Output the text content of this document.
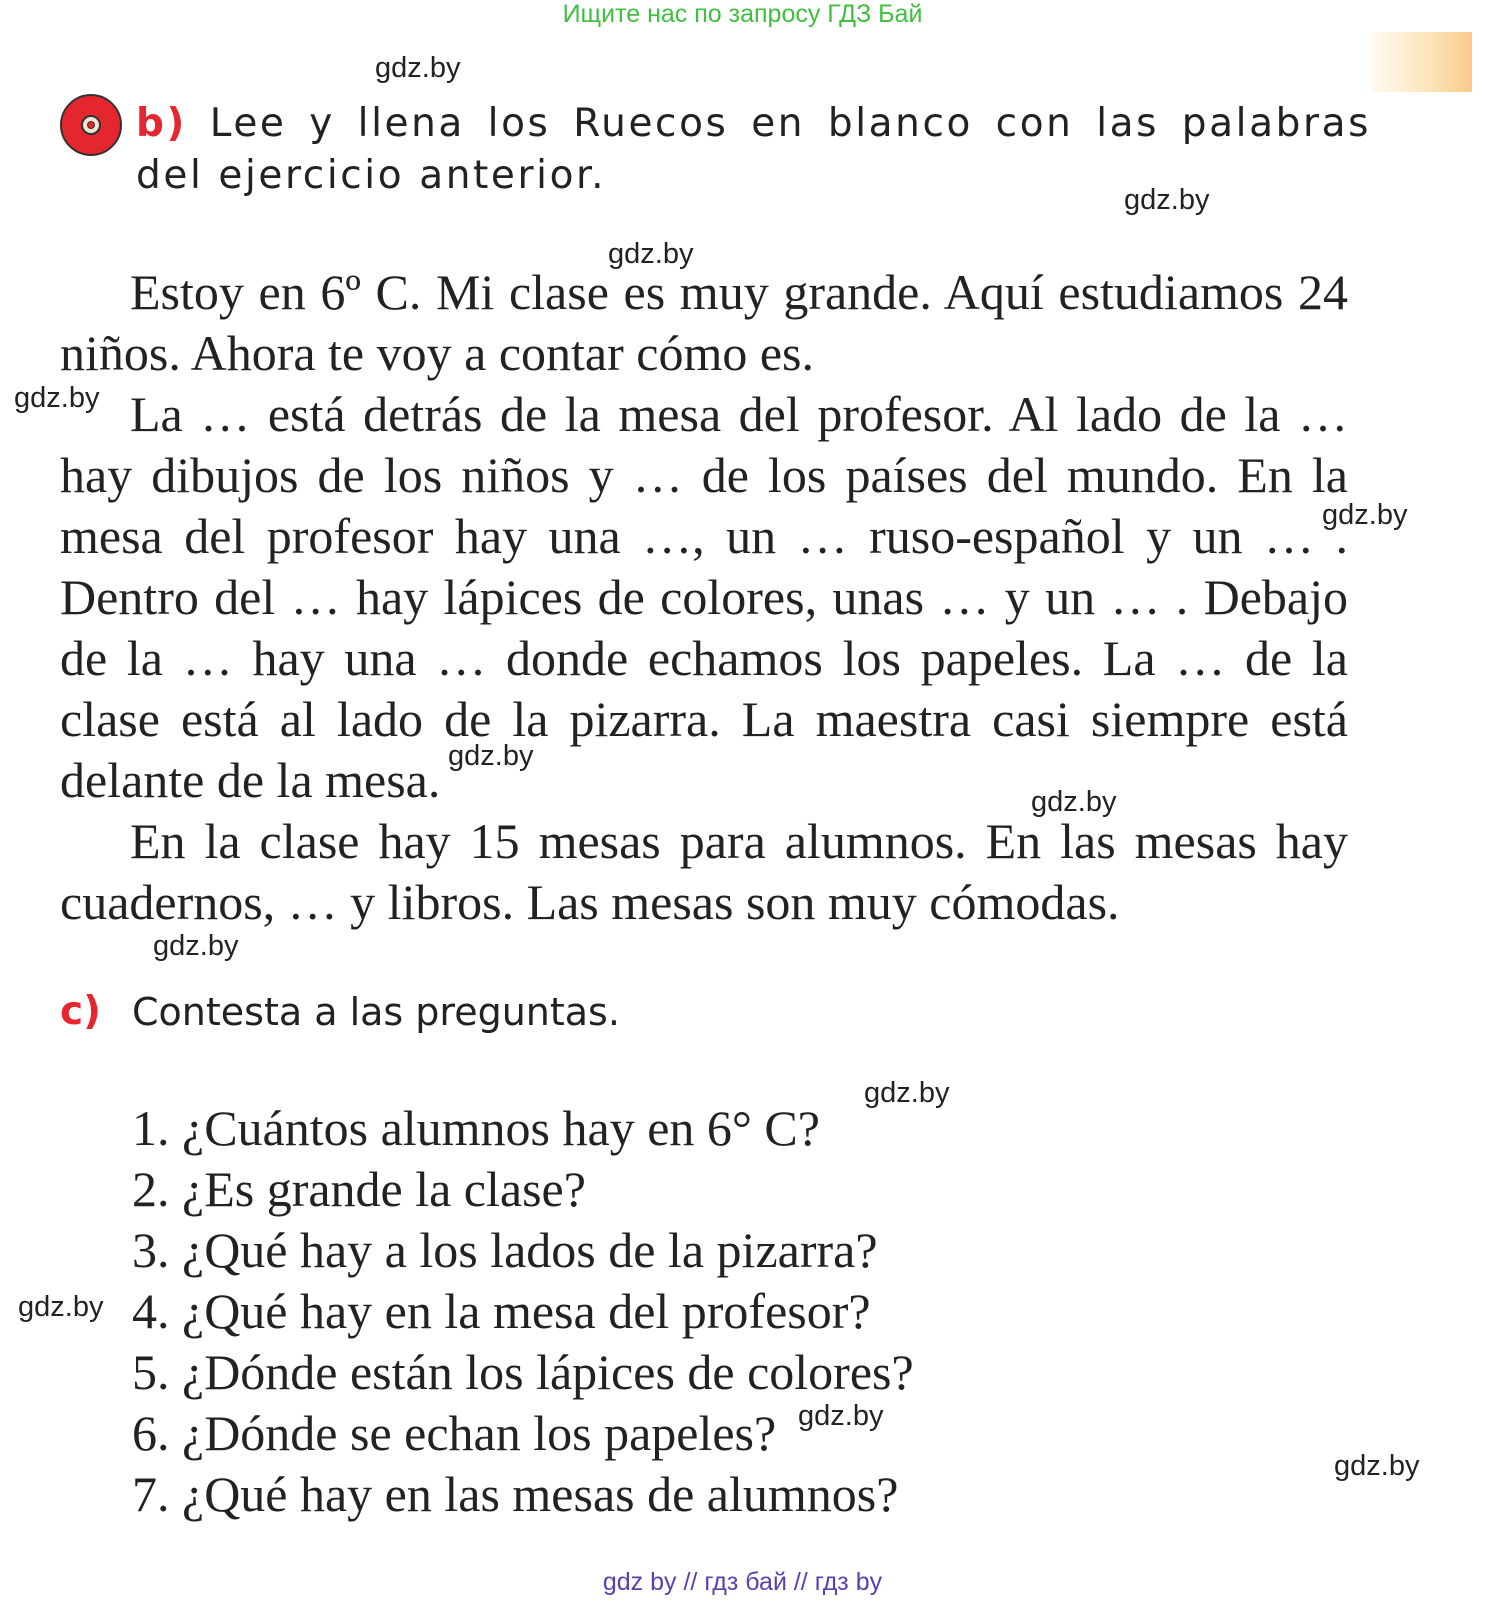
Ищите нас по запросу ГДЗ Бай
b) Lee y llena los Ruecos en blanco con las palabras del ejercicio anterior.

Estoy en 6º C. Mi clase es muy grande. Aquí estudiamos 24 niños. Ahora te voy a contar cómo es.

La … está detrás de la mesa del profesor. Al lado de la … hay dibujos de los niños y … de los países del mundo. En la mesa del profesor hay una …, un … ruso-español y un … . Dentro del … hay lápices de colores, unas … y un … . Debajo de la … hay una … donde echamos los papeles. La … de la clase está al lado de la pizarra. La maestra casi siempre está delante de la mesa.

En la clase hay 15 mesas para alumnos. En las mesas hay cuadernos, … y libros. Las mesas son muy cómodas.

c) Contesta a las preguntas.
1. ¿Cuántos alumnos hay en 6° C?
2. ¿Es grande la clase?
3. ¿Qué hay a los lados de la pizarra?
4. ¿Qué hay en la mesa del profesor?
5. ¿Dónde están los lápices de colores?
6. ¿Dónde se echan los papeles?
7. ¿Qué hay en las mesas de alumnos?
gdz.by
gdz.by
gdz.by
gdz.by
gdz.by
gdz.by
gdz.by
gdz.by
gdz.by
gdz.by
gdz.by
gdz.by
gdz by // гдз бай // гдз by
